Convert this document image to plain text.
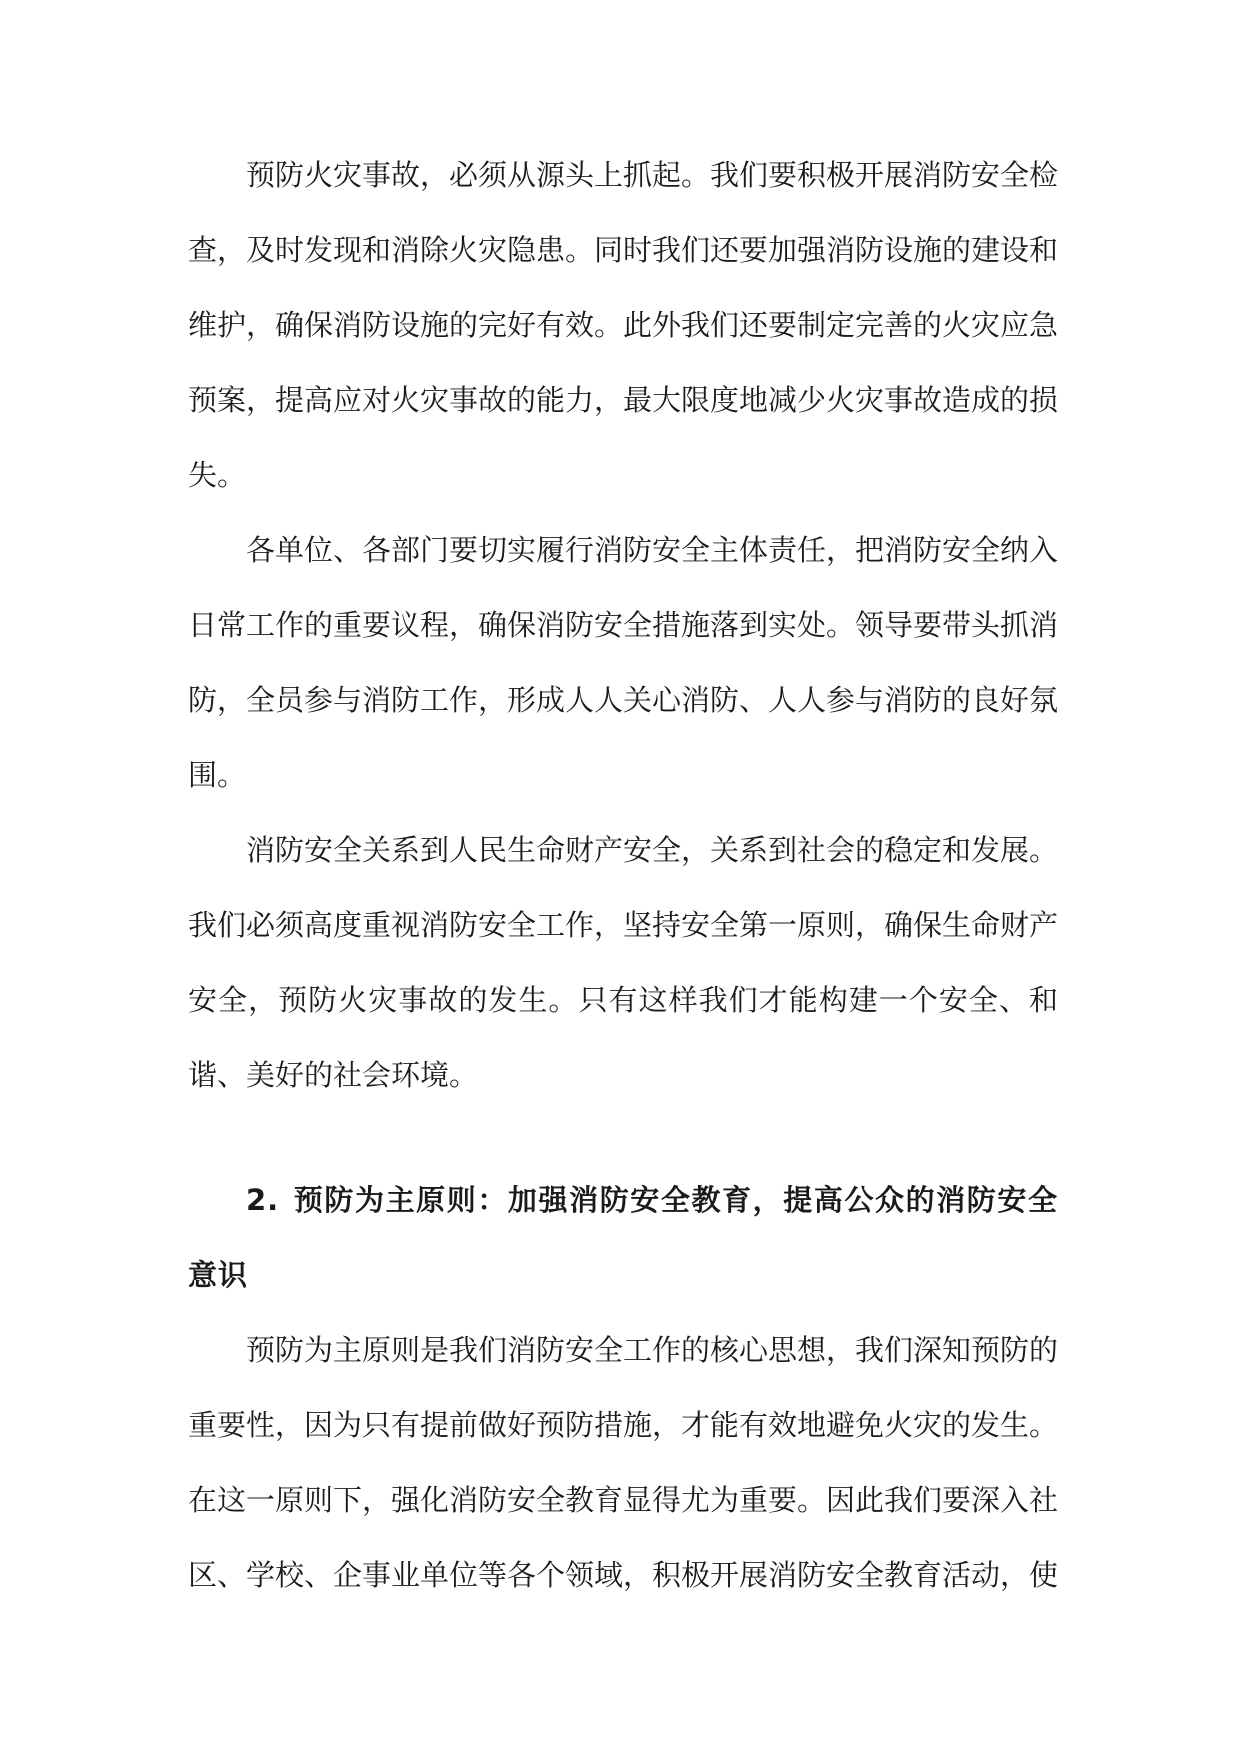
预防火灾事故，必须从源头上抓起。我们要积极开展消防安全检查，及时发现和消除火灾隐患。同时我们还要加强消防设施的建设和维护，确保消防设施的完好有效。此外我们还要制定完善的火灾应急预案，提高应对火灾事故的能力，最大限度地减少火灾事故造成的损失。

各单位、各部门要切实履行消防安全主体责任，把消防安全纳入日常工作的重要议程，确保消防安全措施落到实处。领导要带头抓消防，全员参与消防工作，形成人人关心消防、人人参与消防的良好氛围。

消防安全关系到人民生命财产安全，关系到社会的稳定和发展。我们必须高度重视消防安全工作，坚持安全第一原则，确保生命财产安全，预防火灾事故的发生。只有这样我们才能构建一个安全、和谐、美好的社会环境。

2. 预防为主原则：加强消防安全教育，提高公众的消防安全意识

预防为主原则是我们消防安全工作的核心思想，我们深知预防的重要性，因为只有提前做好预防措施，才能有效地避免火灾的发生。在这一原则下，强化消防安全教育显得尤为重要。因此我们要深入社区、学校、企事业单位等各个领域，积极开展消防安全教育活动，使
